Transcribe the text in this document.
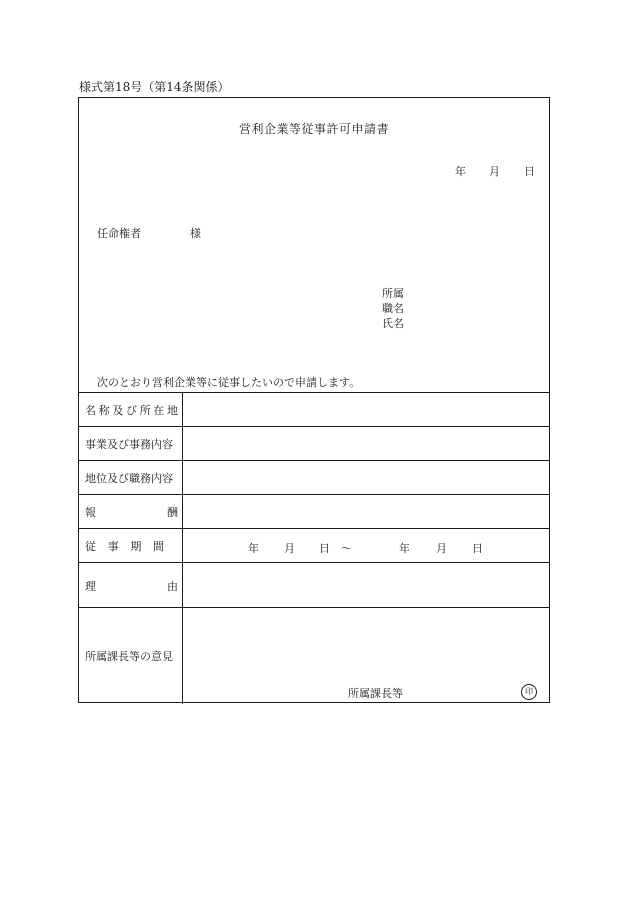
様式第18号（第14条関係）
営利企業等従事許可申請書
年 月 日
任命権者	様
所属
職名
氏名
次のとおり営利企業等に従事したいので申請します。
名 称 及 び 所 在 地
事業及び事務内容
地位及び職務内容
報	酬
従 事 期 間	年 月 日 ～	年 月 日
理	由
所属課長等の意見
所属課長等	印
